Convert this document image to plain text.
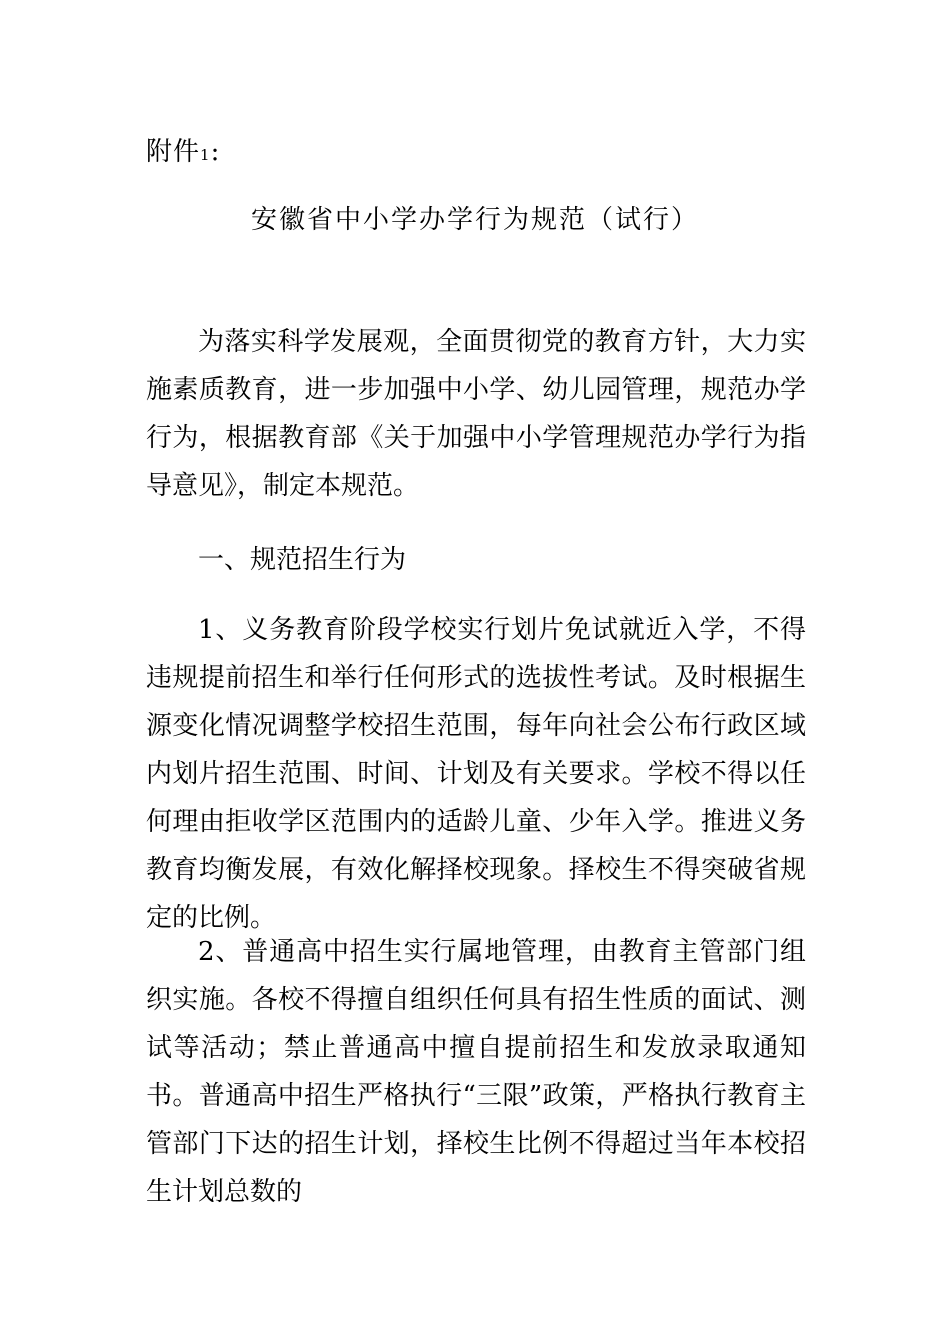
附件1:
安徽省中小学办学行为规范（试行）

为落实科学发展观，全面贯彻党的教育方针，大力实施素质教育，进一步加强中小学、幼儿园管理，规范办学行为，根据教育部《关于加强中小学管理规范办学行为指导意见》，制定本规范。

一、规范招生行为

1、义务教育阶段学校实行划片免试就近入学，不得违规提前招生和举行任何形式的选拔性考试。及时根据生源变化情况调整学校招生范围，每年向社会公布行政区域内划片招生范围、时间、计划及有关要求。学校不得以任何理由拒收学区范围内的适龄儿童、少年入学。推进义务教育均衡发展，有效化解择校现象。择校生不得突破省规定的比例。

2、普通高中招生实行属地管理，由教育主管部门组织实施。各校不得擅自组织任何具有招生性质的面试、测试等活动；禁止普通高中擅自提前招生和发放录取通知书。普通高中招生严格执行“三限”政策，严格执行教育主管部门下达的招生计划，择校生比例不得超过当年本校招生计划总数的
